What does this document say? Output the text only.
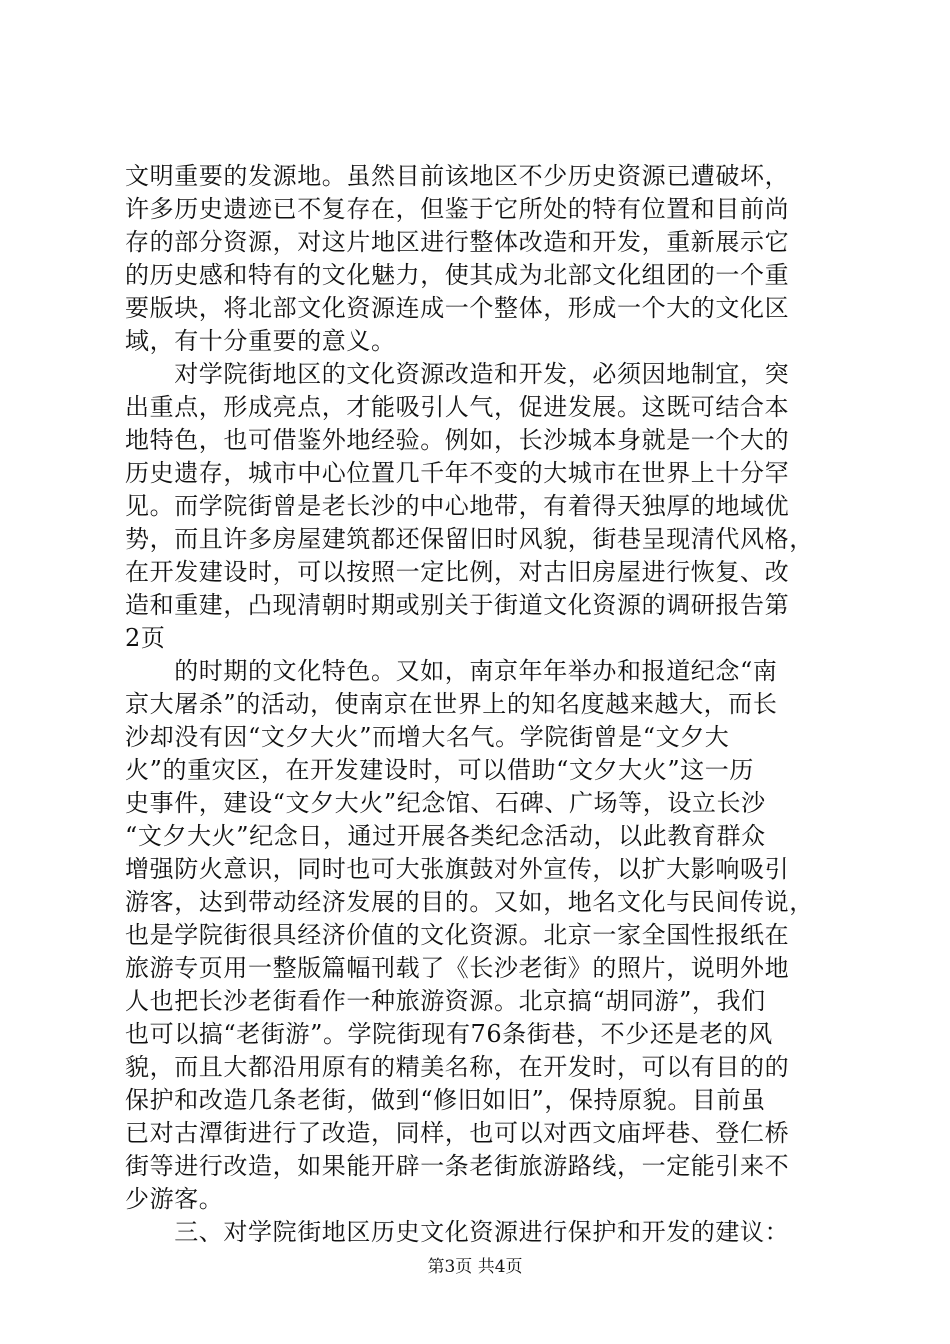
文明重要的发源地。虽然目前该地区不少历史资源已遭破坏，
许多历史遗迹已不复存在，但鉴于它所处的特有位置和目前尚
存的部分资源，对这片地区进行整体改造和开发，重新展示它
的历史感和特有的文化魅力，使其成为北部文化组团的一个重
要版块，将北部文化资源连成一个整体，形成一个大的文化区
域，有十分重要的意义。
　　对学院街地区的文化资源改造和开发，必须因地制宜，突
出重点，形成亮点，才能吸引人气，促进发展。这既可结合本
地特色，也可借鉴外地经验。例如，长沙城本身就是一个大的
历史遗存，城市中心位置几千年不变的大城市在世界上十分罕
见。而学院街曾是老长沙的中心地带，有着得天独厚的地域优
势，而且许多房屋建筑都还保留旧时风貌，街巷呈现清代风格，
在开发建设时，可以按照一定比例，对古旧房屋进行恢复、改
造和重建，凸现清朝时期或别关于街道文化资源的调研报告第
2页
　　的时期的文化特色。又如，南京年年举办和报道纪念“南
京大屠杀”的活动，使南京在世界上的知名度越来越大，而长
沙却没有因“文夕大火”而增大名气。学院街曾是“文夕大
火”的重灾区，在开发建设时，可以借助“文夕大火”这一历
史事件，建设“文夕大火”纪念馆、石碑、广场等，设立长沙
“文夕大火”纪念日，通过开展各类纪念活动，以此教育群众
增强防火意识，同时也可大张旗鼓对外宣传，以扩大影响吸引
游客，达到带动经济发展的目的。又如，地名文化与民间传说，
也是学院街很具经济价值的文化资源。北京一家全国性报纸在
旅游专页用一整版篇幅刊载了《长沙老街》的照片，说明外地
人也把长沙老街看作一种旅游资源。北京搞“胡同游”，我们
也可以搞“老街游”。学院街现有76条街巷，不少还是老的风
貌，而且大都沿用原有的精美名称，在开发时，可以有目的的
保护和改造几条老街，做到“修旧如旧”，保持原貌。目前虽
已对古潭街进行了改造，同样，也可以对西文庙坪巷、登仁桥
街等进行改造，如果能开辟一条老街旅游路线，一定能引来不
少游客。
　　三、对学院街地区历史文化资源进行保护和开发的建议：
第3页 共4页
